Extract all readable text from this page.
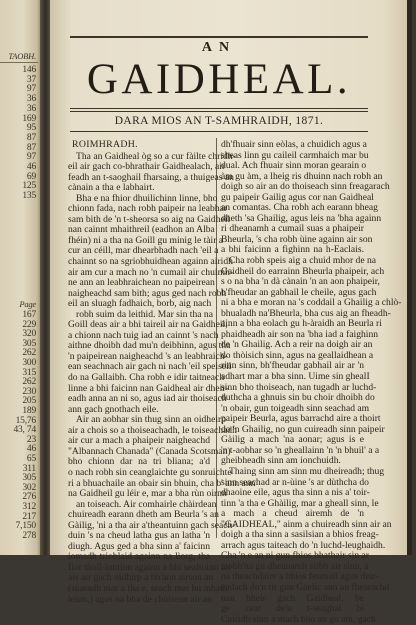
TAOBH.
146
37
97
36
36
169
95
87
87
97
46
69
125
135
Page
167
229
320
305
262
300
315
262
230
205
189
15,76
43, 74
23
46
65
311
305
302
276
312
217
7,150
278
AN
GAIDHEAL.
DARA MIOS AN T-SAMHRAIDH, 1871.
ROIMHRADH.
Tha an Gaidheal òg so a cur fàilte chridh-
eil air gach co-bhrathair Gaidhealach, air
feadh an t-saoghail fharsaing, a thuigeas an
cànain a tha e labhairt.
Bha e na fhior dhuilichinn linne, bho
chionn fada, nach robh paipeir na leabhar
sam bith de 'n t-sheorsa so aig na Gaidheil
nan cainnt mhaithreil (eadhon an Alba
fhéin) ni a tha na Goill gu minig le tàir a
cur an céill, mar dhearbhadh nach 'eil a
chainnt so na sgriobhuidhean againn airidh
air am cur a mach no 'n cumail air chuimh-
ne ann an leabhraichean no paipeirean
naigheachd sam bith; agus ged nach robh
eil an sluagh fadhaich, borb, aig nach
robh suim da leithid. Mar sin tha na
Goill deas air a bhi taireil air na Gaidheil,
a chionn nach tuig iad an cainnt 's nach
aithne dhoibh dad mu'n deibhinn, agus tha
'n paipeirean naigheachd 's an leabhraich-
ean seachnach air gach ni nach 'eil speiseil
do na Gallaibh. Cha robh e idir taitneach
linne a bhi faicinn nan Gaidheal air dheir-
eadh anna an ni so, agus iad air thoiseach
ann gach gnothach eile.
Air an aobhar sin thug sinn an oidheirp
air a chois so a thoiseachadh, le toiseachadh
air cur a mach a phaipeir naigheachd
"Albannach Chanada" (Canada Scotsman)
bho chionn dar na tri bliana; a'd
o nach robh sin ceanglaichte gu sonruichte
ri a bhuachaile an obair sin bhuin, cha b' ann ann
na Gaidheil gu léir e, mar a bha rùn oirnn
an toiseach. Air comhairle chàirdean
chuireadh earann dheth am Beurla 's an
Gàilig, 'ni a tha air a'theantuinn gach seach-
duin 's na cheud latha gus an latha 'n
diugh. Agus ged a bha sinn a' faicinn
iomadh trioblaid againn na lìorg, tha
fior thoil-inntinn againn a bhi sealtuinn air
ais air gach oidhirp a bh'ann airson an
(snaradh mar a tha e, seach mar bu mhath
leinn,) agus na bha de chùisean air an
dh'fhuair sinn eòlas, a chuidich agus a
sheas linn gu caileil carmhaich mar bu
dual. Ach fhuair sinn moran gearain o
àm gu àm, a lheig ris dhuinn nach robh an
doigh so air an do thoiseach sinn freagarach
gu paipeir Gailig agus cor nan Gaidheal
an comantas. Cha robh ach earann bheag
dheth 'sa Ghailig, agus leis na 'bha againn
ri dheanamh a cumail suas a phaipeir
Bheurla, 's cha robh ùine againn air son
a bhi faicinn a fighinn na h-Eaclais.
Cha robh speis aig a chuid mhor de na
Gaidheil do earrainn Bheurla phaipeir, ach
s o na bha 'n dà cànain 'n an aon phaipeir,
b'fheudar an gabhail le cheile, agus gach
ni a bha e moran na 's coddail a Ghailig a chlò-
bhualadh na'Bheurla, bha cus aig an fheadh-
ainn a bha eolach gu h-àraidh an Beurla ri
phaidheadh air son na 'bha iad a faighinn
de 'n Ghailig. Ach a reir na doigh air an
do thòisich sinn, agus na geallaidhean a
rinn sinn, bh'fheudar gabhail air ar 'n
adhart mar a bha sinn. Uime sin ghealI
sinn bho thoiseach, nan tugadh ar luchd-
duthcha a ghnuis sin bu choir dhoibh do
'n obair, gun toigeadh sinn seachad am
paipeir Beurla, agus barrachd aire a thoirt
do 'n Ghailig, no gun cuireadh sinn paipeir
Gàilig a mach 'na aonar; agus is e
'n t-aobhar so 'n gheallainn 'n 'n bhuil' a a
gheibheadh sinn am ionchuidh.
Thaing sinn am sinn mu dheireadh; thug
sinn seachad ar n-ùine 's ar dùthcha do
dhaoine eile, agus tha sinn a nis a' toir-
tinn 'a tha e Ghàilig, mar a gheall sinn, le
a mach a cheud airemh de 'n
"GAIDHEAL," ainm a chuireadh sinn air an
doigh a tha sinn a sasilsian a bhios freag-
arrach agus taiteach do 'n luchd-leughaidh.
Cha 'n e an ni gun fhios bhathair sin ar
taobh'na gu dheanamh sirbh air sinn, a
na theachdaire a bhios feumail agus deir-
eadach do'n tir gun Gaelic ann an fhearachd
nan bheir gach Gaidheal, be
ge cear de'n t-seaghal bi
Cuiridh sinn a mach bho an gu am, gach
